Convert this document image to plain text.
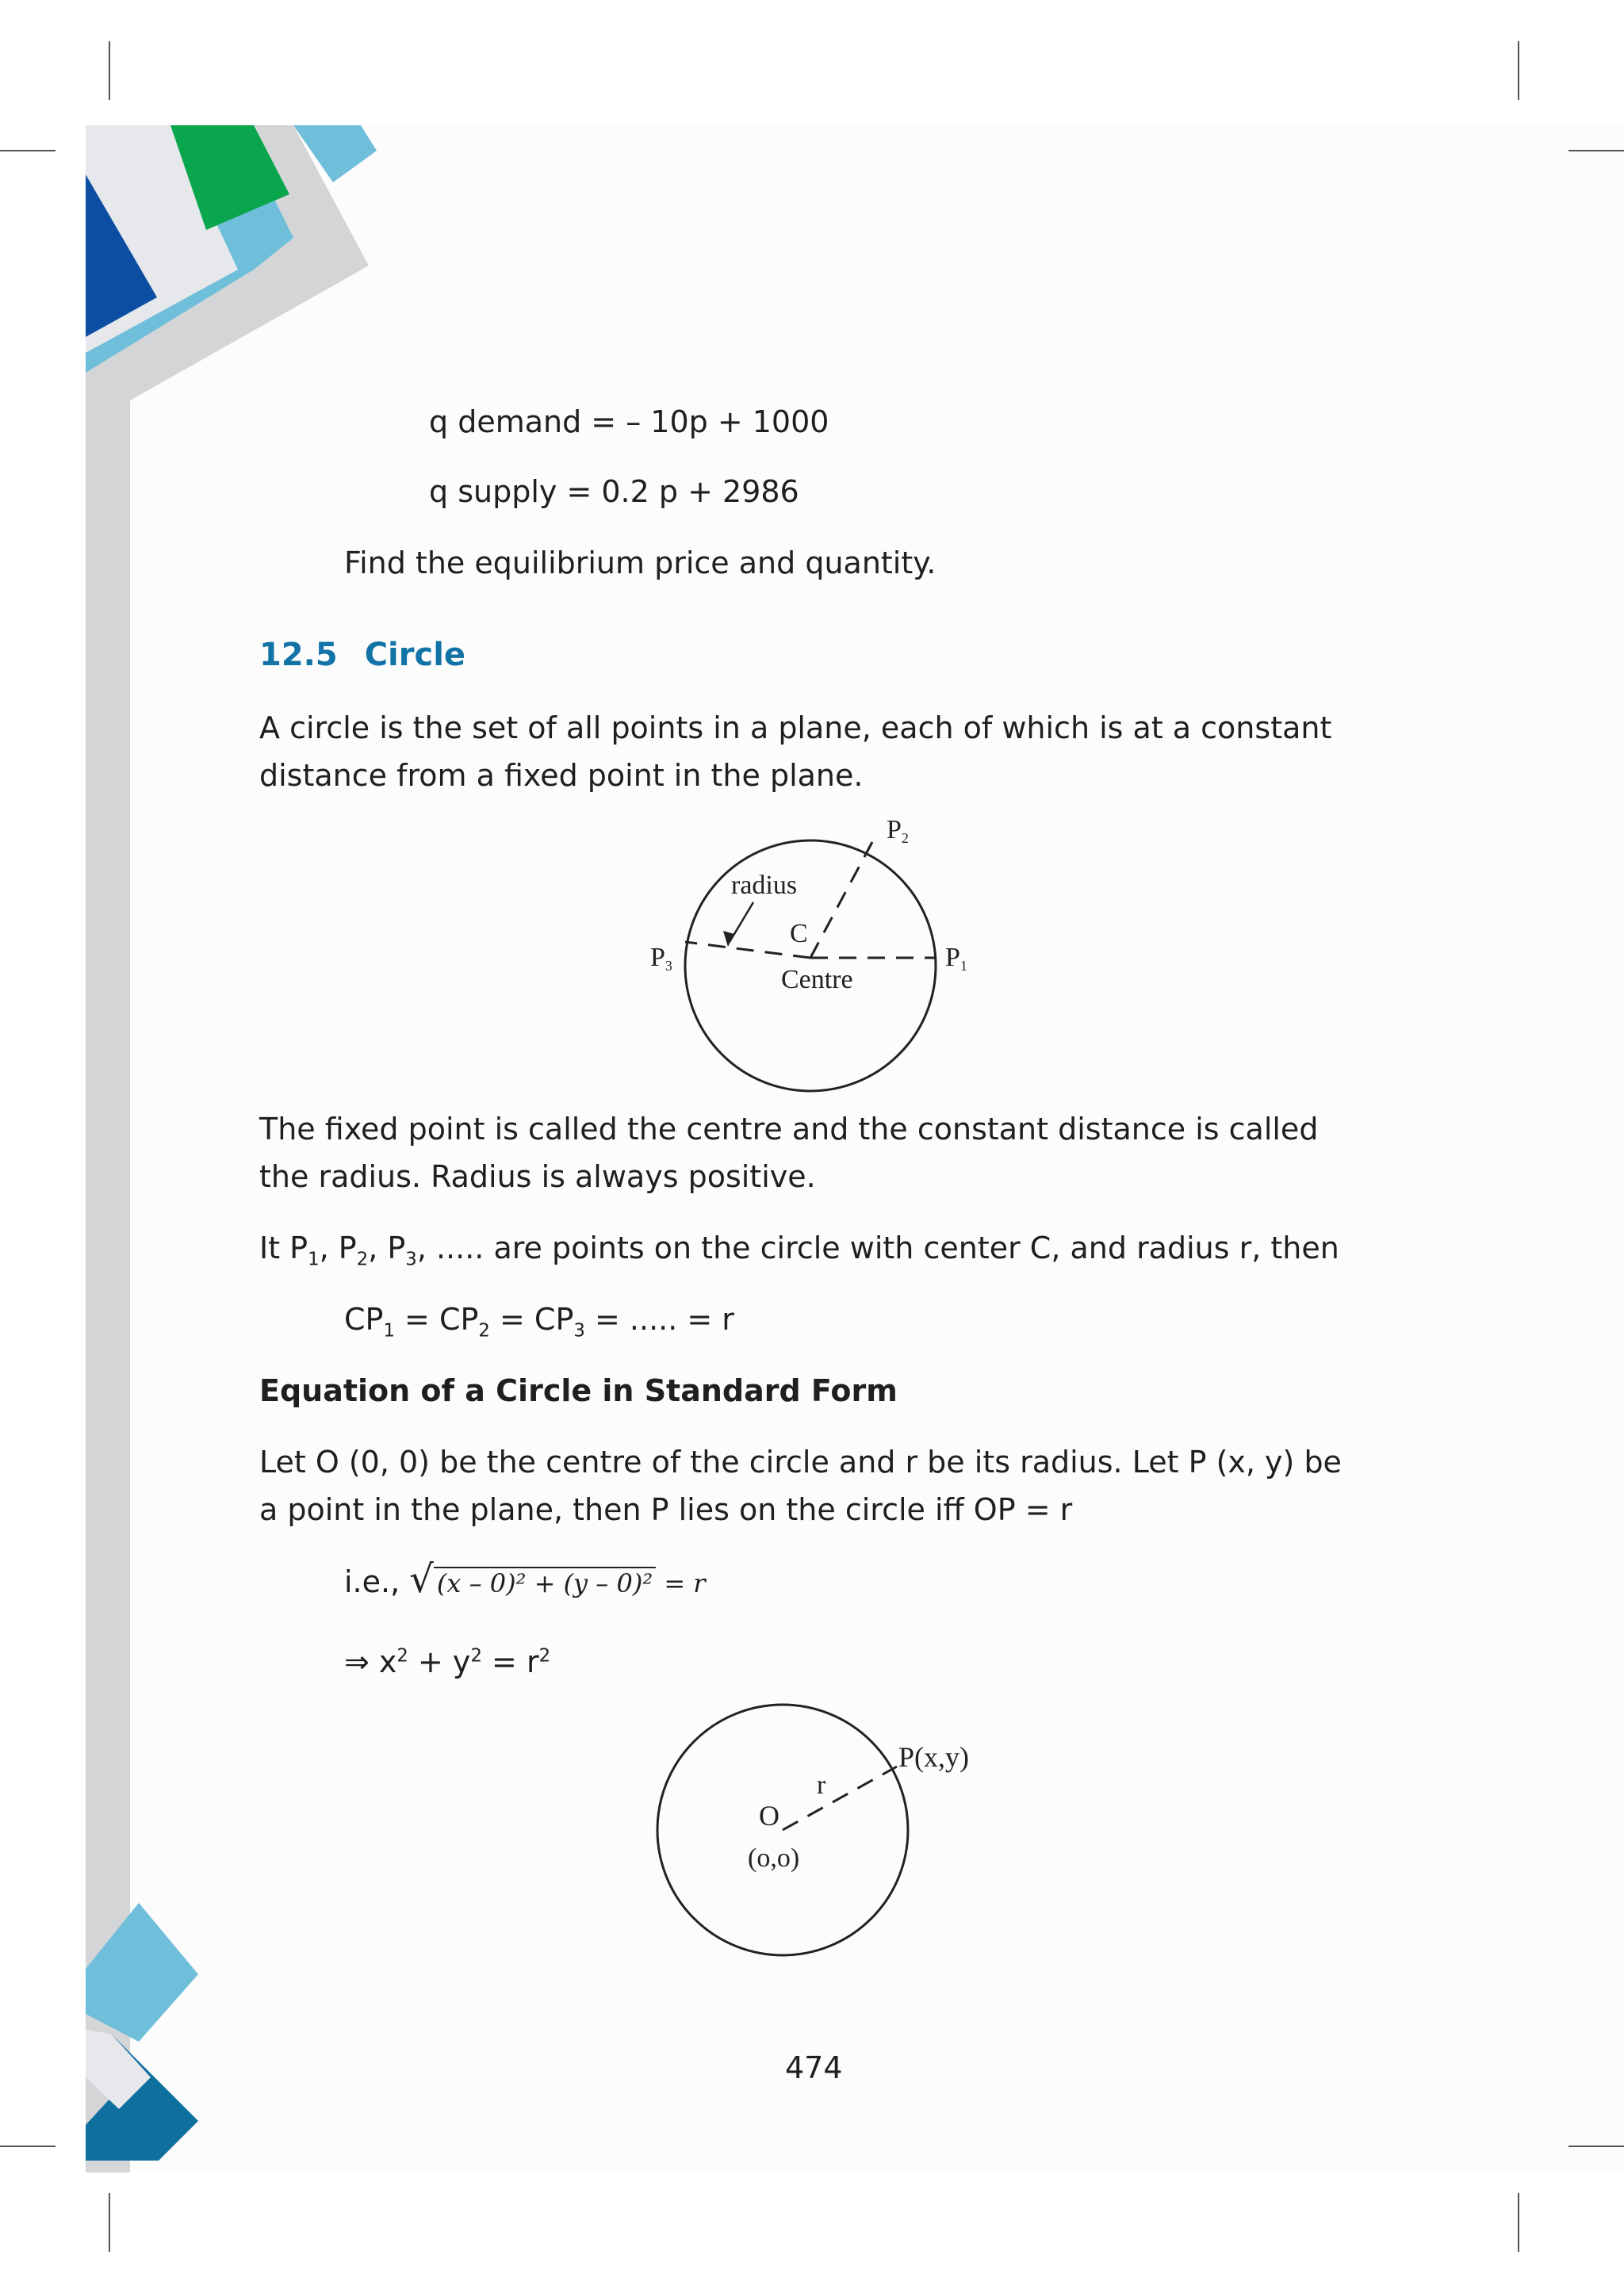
q demand = – 10p + 1000

q supply = 0.2 p + 2986

Find the equilibrium price and quantity.

12.5 Circle

A circle is the set of all points in a plane, each of which is at a constant distance from a fixed point in the plane.

radius
C
Centre
P1
P2
P3

The fixed point is called the centre and the constant distance is called the radius. Radius is always positive.

It $P_1$, $P_2$, $P_3$, ..... are points on the circle with center C, and radius r, then

$CP_1 = CP_2 = CP_3$ = ..... = r

Equation of a Circle in Standard Form

Let O (0, 0) be the centre of the circle and r be its radius. Let P (x, y) be a point in the plane, then P lies on the circle iff OP = r

i.e., √ (x – 0)² + (y – 0)² = r

⇒ $x^2 + y^2 = r^2$

O
(o,o)
r
P(x,y)

474
